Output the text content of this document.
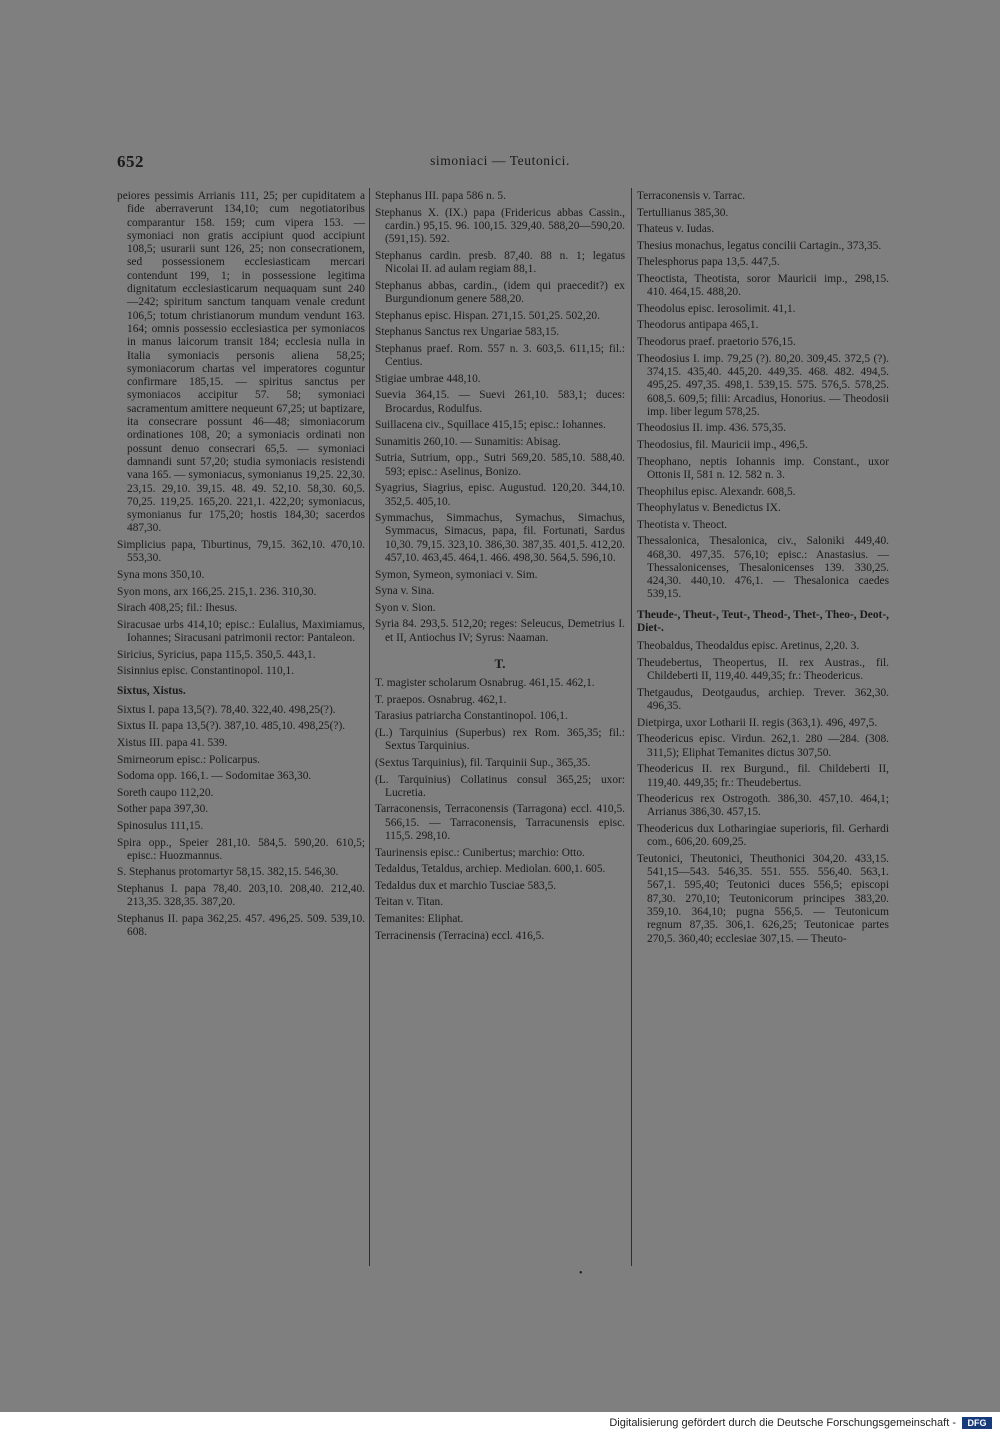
652	simoniaci — Teutonici.
peiores pessimis Arrianis 111, 25; per cupiditatem a fide aberraverunt 134,10; cum negotiatoribus comparantur 158. 159; cum vipera 153. — symoniaci non gratis accipiunt quod accipiunt 108,5; usurarii sunt 126, 25; non consecrationem, sed possessionem ecclesiasticam mercari contendunt 199, 1; in possessione legitima dignitatum ecclesiasticarum nequaquam sunt 240 —242; spiritum sanctum tanquam venale credunt 106,5; totum christianorum mundum vendunt 163. 164; omnis possessio ecclesiastica per symoniacos in manus laicorum transit 184; ecclesia nulla in Italia symoniacis personis aliena 58,25; symoniacorum chartas vel imperatores coguntur confirmare 185,15. — spiritus sanctus per symoniacos accipitur 57. 58; symoniaci sacramentum amittere nequeunt 67,25; ut baptizare, ita consecrare possunt 46—48; simoniacorum ordinationes 108, 20; a symoniacis ordinati non possunt denuo consecrari 65,5. — symoniaci damnandi sunt 57,20; studia symoniacis resistendi vana 165. — symoniacus, symonianus 19,25. 22,30. 23,15. 29,10. 39,15. 48. 49. 52,10. 58,30. 60,5. 70,25. 119,25. 165,20. 221,1. 422,20; symoniacus, symonianus fur 175,20; hostis 184,30; sacerdos 487,30.
Simplicius papa, Tiburtinus, 79,15. 362,10. 470,10. 553,30.
Syna mons 350,10.
Syon mons, arx 166,25. 215,1. 236. 310,30.
Sirach 408,25; fil.: Ihesus.
Siracusae urbs 414,10; episc.: Eulalius, Maximiamus, Iohannes; Siracusani patrimonii rector: Pantaleon.
Siricius, Syricius, papa 115,5. 350,5. 443,1.
Sisinnius episc. Constantinopol. 110,1.
Sixtus, Xistus.
Sixtus I. papa 13,5(?). 78,40. 322,40. 498,25(?).
Sixtus II. papa 13,5(?). 387,10. 485,10. 498,25(?).
Xistus III. papa 41. 539.
Smirneorum episc.: Policarpus.
Sodoma opp. 166,1. — Sodomitae 363,30.
Soreth caupo 112,20.
Sother papa 397,30.
Spinosulus 111,15.
Spira opp., Speier 281,10. 584,5. 590,20. 610,5; episc.: Huozmannus.
S. Stephanus protomartyr 58,15. 382,15. 546,30.
Stephanus I. papa 78,40. 203,10. 208,40. 212,40. 213,35. 328,35. 387,20.
Stephanus II. papa 362,25. 457. 496,25. 509. 539,10. 608.
Stephanus III. papa 586 n. 5.
Stephanus X. (IX.) papa (Fridericus abbas Cassin., cardin.) 95,15. 96. 100,15. 329,40. 588,20—590,20. (591,15). 592.
Stephanus cardin. presb. 87,40. 88 n. 1; legatus Nicolai II. ad aulam regiam 88,1.
Stephanus abbas, cardin., (idem qui praecedit?) ex Burgundionum genere 588,20.
Stephanus episc. Hispan. 271,15. 501,25. 502,20.
Stephanus Sanctus rex Ungariae 583,15.
Stephanus praef. Rom. 557 n. 3. 603,5. 611,15; fil.: Centius.
Stigiae umbrae 448,10.
Suevia 364,15. — Suevi 261,10. 583,1; duces: Brocardus, Rodulfus.
Suillacena civ., Squillace 415,15; episc.: Iohannes.
Sunamitis 260,10. — Sunamitis: Abisag.
Sutria, Sutrium, opp., Sutri 569,20. 585,10. 588,40. 593; episc.: Aselinus, Bonizo.
Syagrius, Siagrius, episc. Augustud. 120,20. 344,10. 352,5. 405,10.
Symmachus, Simmachus, Symachus, Simachus, Symmacus, Simacus, papa, fil. Fortunati, Sardus 10,30. 79,15. 323,10. 386,30. 387,35. 401,5. 412,20. 457,10. 463,45. 464,1. 466. 498,30. 564,5. 596,10.
Symon, Symeon, symoniaci v. Sim.
Syna v. Sina.
Syon v. Sion.
Syria 84. 293,5. 512,20; reges: Seleucus, Demetrius I. et II, Antiochus IV; Syrus: Naaman.
T.
T. magister scholarum Osnabrug. 461,15. 462,1.
T. praepos. Osnabrug. 462,1.
Tarasius patriarcha Constantinopol. 106,1.
(L.) Tarquinius (Superbus) rex Rom. 365,35; fil.: Sextus Tarquinius.
(Sextus Tarquinius), fil. Tarquinii Sup., 365,35.
(L. Tarquinius) Collatinus consul 365,25; uxor: Lucretia.
Tarraconensis, Terraconensis (Tarragona) eccl. 410,5. 566,15. — Tarraconensis, Tarracunensis episc. 115,5. 298,10.
Taurinensis episc.: Cunibertus; marchio: Otto.
Tedaldus, Tetaldus, archiep. Mediolan. 600,1. 605.
Tedaldus dux et marchio Tusciae 583,5.
Teitan v. Titan.
Temanites: Eliphat.
Terracinensis (Terracina) eccl. 416,5.
Terraconensis v. Tarrac.
Tertullianus 385,30.
Thateus v. Iudas.
Thesius monachus, legatus concilii Cartagin., 373,35.
Thelesphorus papa 13,5. 447,5.
Theoctista, Theotista, soror Mauricii imp., 298,15. 410. 464,15. 488,20.
Theodolus episc. Ierosolimit. 41,1.
Theodorus antipapa 465,1.
Theodorus praef. praetorio 576,15.
Theodosius I. imp. 79,25 (?). 80,20. 309,45. 372,5 (?). 374,15. 435,40. 445,20. 449,35. 468. 482. 494,5. 495,25. 497,35. 498,1. 539,15. 575. 576,5. 578,25. 608,5. 609,5; filii: Arcadius, Honorius. — Theodosii imp. liber legum 578,25.
Theodosius II. imp. 436. 575,35.
Theodosius, fil. Mauricii imp., 496,5.
Theophano, neptis Iohannis imp. Constant., uxor Ottonis II, 581 n. 12. 582 n. 3.
Theophilus episc. Alexandr. 608,5.
Theophylatus v. Benedictus IX.
Theotista v. Theoct.
Thessalonica, Thesalonica, civ., Saloniki 449,40. 468,30. 497,35. 576,10; episc.: Anastasius. — Thessalonicenses, Thesalonicenses 139. 330,25. 424,30. 440,10. 476,1. — Thesalonica caedes 539,15.
Theude-, Theut-, Teut-, Theod-, Thet-, Theo-, Deot-, Diet-.
Theobaldus, Theodaldus episc. Aretinus, 2,20. 3.
Theudebertus, Theopertus, II. rex Austras., fil. Childeberti II, 119,40. 449,35; fr.: Theodericus.
Thetgaudus, Deotgaudus, archiep. Trever. 362,30. 496,35.
Dietpirga, uxor Lotharii II. regis (363,1). 496, 497,5.
Theodericus episc. Virdun. 262,1. 280 —284. (308. 311,5); Eliphat Temanites dictus 307,50.
Theodericus II. rex Burgund., fil. Childeberti II, 119,40. 449,35; fr.: Theudebertus.
Theodericus rex Ostrogoth. 386,30. 457,10. 464,1; Arrianus 386,30. 457,15.
Theodericus dux Lotharingiae superioris, fil. Gerhardi com., 606,20. 609,25.
Teutonici, Theutonici, Theuthonici 304,20. 433,15. 541,15—543. 546,35. 551. 555. 556,40. 563,1. 567,1. 595,40; Teutonici duces 556,5; episcopi 87,30. 270,10; Teutonicorum principes 383,20. 359,10. 364,10; pugna 556,5. — Teutonicum regnum 87,35. 306,1. 626,25; Teutonicae partes 270,5. 360,40; ecclesiae 307,15. — Theuto-
•
Digitalisierung gefördert durch die Deutsche Forschungsgemeinschaft -	DFG
